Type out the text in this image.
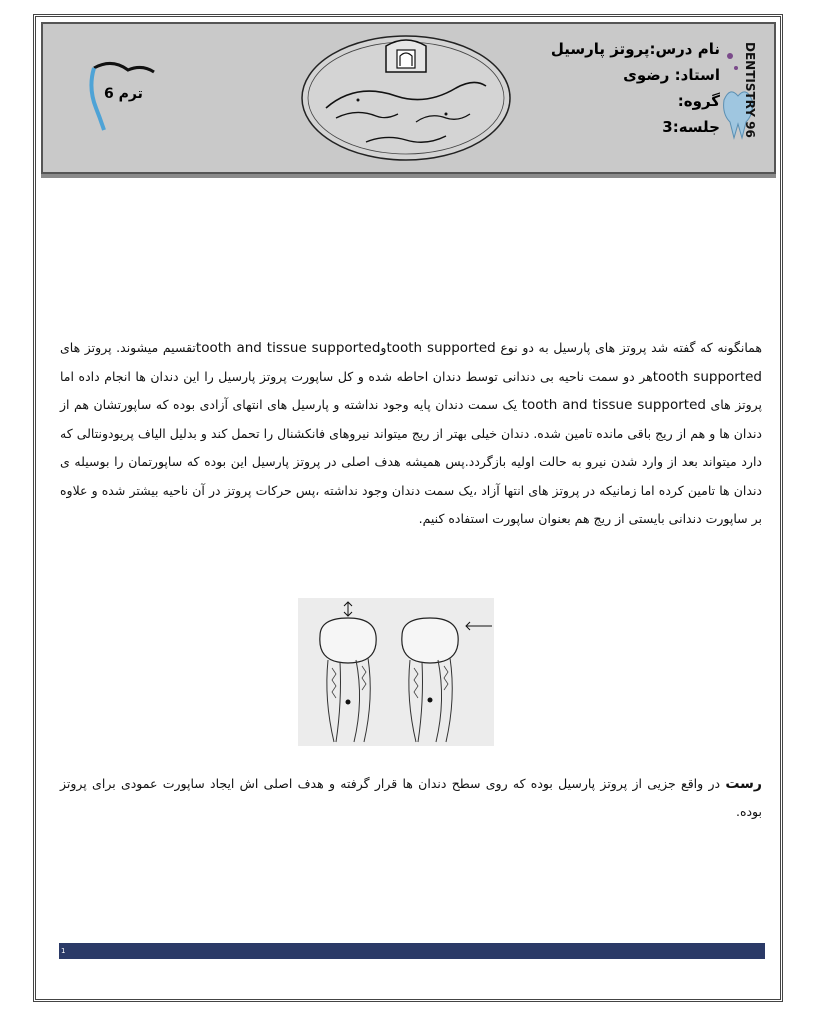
DENTISTRY 96
نام درس:پروتز پارسیل
استاد: رضوی
گروه:
جلسه:3
ترم 6
همانگونه که گفته شد پروتز های پارسیل به دو نوع tooth supportedوtooth and tissue supportedتقسیم میشوند. پروتز های tooth supportedهر دو سمت ناحیه بی دندانی توسط دندان احاطه شده و کل ساپورت پروتز پارسیل را این دندان ها انجام داده اما پروتز های tooth and tissue supported یک سمت دندان پایه وجود نداشته و پارسیل های انتهای آزادی بوده که ساپورتشان هم از دندان ها و هم از ریج باقی مانده تامین شده. دندان خیلی بهتر از ریج میتواند نیروهای فانکشنال را تحمل کند و بدلیل الیاف پریودونتالی که دارد میتواند بعد از وارد شدن نیرو به حالت اولیه بازگردد.پس همیشه هدف اصلی در پروتز پارسیل این بوده که ساپورتمان را بوسیله ی دندان ها تامین کرده اما زمانیکه در پروتز های انتها آزاد ،یک سمت دندان وجود نداشته ،پس حرکات پروتز در آن ناحیه بیشتر شده و علاوه بر ساپورت دندانی بایستی از ریج هم بعنوان ساپورت استفاده کنیم.
رست در واقع جزیی از پروتز پارسیل بوده که روی سطح دندان ها قرار گرفته و هدف اصلی اش ایجاد ساپورت عمودی برای پروتز بوده.
1
